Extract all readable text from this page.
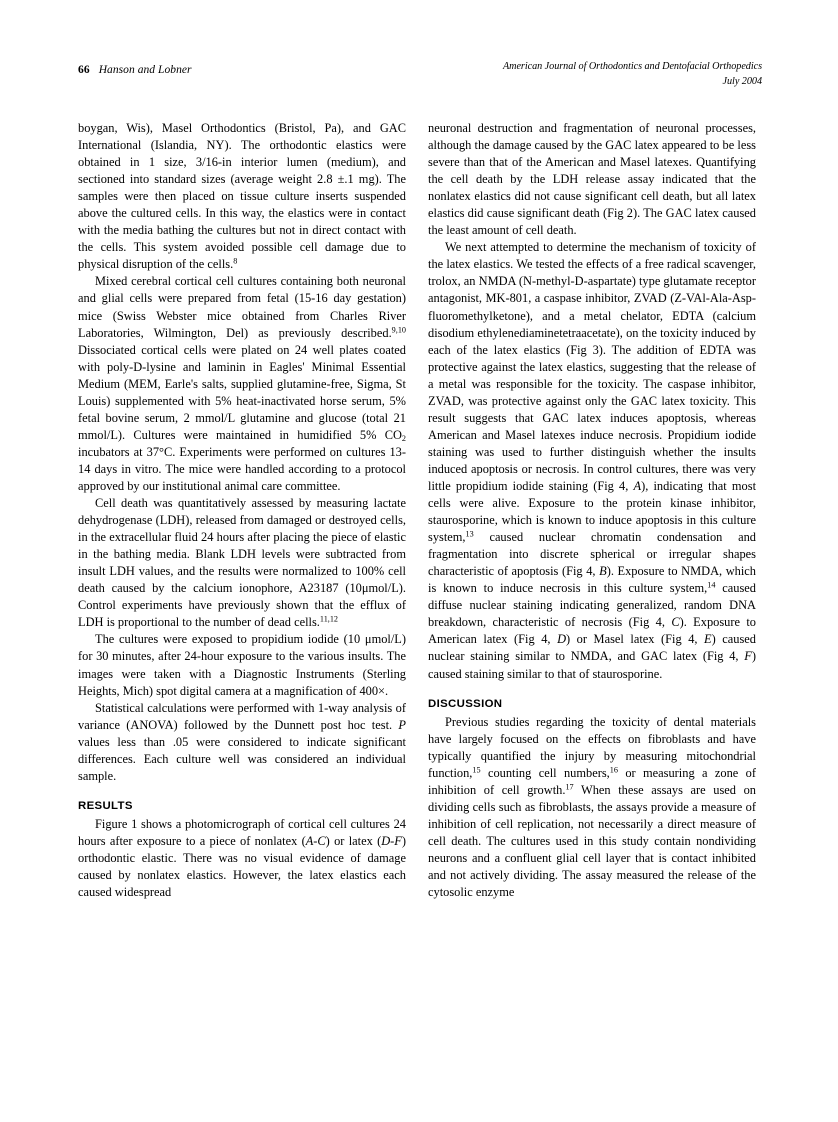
66 Hanson and Lobner	American Journal of Orthodontics and Dentofacial Orthopedics
July 2004

boygan, Wis), Masel Orthodontics (Bristol, Pa), and GAC International (Islandia, NY). The orthodontic elastics were obtained in 1 size, 3/16-in interior lumen (medium), and sectioned into standard sizes (average weight 2.8 ±.1 mg). The samples were then placed on tissue culture inserts suspended above the cultured cells. In this way, the elastics were in contact with the media bathing the cultures but not in direct contact with the cells. This system avoided possible cell damage due to physical disruption of the cells.$^8$

Mixed cerebral cortical cell cultures containing both neuronal and glial cells were prepared from fetal (15-16 day gestation) mice (Swiss Webster mice obtained from Charles River Laboratories, Wilmington, Del) as previously described.$^{9,10}$ Dissociated cortical cells were plated on 24 well plates coated with poly-D-lysine and laminin in Eagles' Minimal Essential Medium (MEM, Earle's salts, supplied glutamine-free, Sigma, St Louis) supplemented with 5% heat-inactivated horse serum, 5% fetal bovine serum, 2 mmol/L glutamine and glucose (total 21 mmol/L). Cultures were maintained in humidified 5% $CO_2$ incubators at 37°C. Experiments were performed on cultures 13-14 days in vitro. The mice were handled according to a protocol approved by our institutional animal care committee.

Cell death was quantitatively assessed by measuring lactate dehydrogenase (LDH), released from damaged or destroyed cells, in the extracellular fluid 24 hours after placing the piece of elastic in the bathing media. Blank LDH levels were subtracted from insult LDH values, and the results were normalized to 100% cell death caused by the calcium ionophore, A23187 (10μmol/L). Control experiments have previously shown that the efflux of LDH is proportional to the number of dead cells.$^{11,12}$

The cultures were exposed to propidium iodide (10 μmol/L) for 30 minutes, after 24-hour exposure to the various insults. The images were taken with a Diagnostic Instruments (Sterling Heights, Mich) spot digital camera at a magnification of 400×.

Statistical calculations were performed with 1-way analysis of variance (ANOVA) followed by the Dunnett post hoc test. P values less than .05 were considered to indicate significant differences. Each culture well was considered an individual sample.

RESULTS

Figure 1 shows a photomicrograph of cortical cell cultures 24 hours after exposure to a piece of nonlatex (A-C) or latex (D-F) orthodontic elastic. There was no visual evidence of damage caused by nonlatex elastics. However, the latex elastics each caused widespread

neuronal destruction and fragmentation of neuronal processes, although the damage caused by the GAC latex appeared to be less severe than that of the American and Masel latexes. Quantifying the cell death by the LDH release assay indicated that the nonlatex elastics did not cause significant cell death, but all latex elastics did cause significant death (Fig 2). The GAC latex caused the least amount of cell death.

We next attempted to determine the mechanism of toxicity of the latex elastics. We tested the effects of a free radical scavenger, trolox, an NMDA (N-methyl-D-aspartate) type glutamate receptor antagonist, MK-801, a caspase inhibitor, ZVAD (Z-VAl-Ala-Asp-fluoromethylketone), and a metal chelator, EDTA (calcium disodium ethylenediaminetetraacetate), on the toxicity induced by each of the latex elastics (Fig 3). The addition of EDTA was protective against the latex elastics, suggesting that the release of a metal was responsible for the toxicity. The caspase inhibitor, ZVAD, was protective against only the GAC latex toxicity. This result suggests that GAC latex induces apoptosis, whereas American and Masel latexes induce necrosis. Propidium iodide staining was used to further distinguish whether the insults induced apoptosis or necrosis. In control cultures, there was very little propidium iodide staining (Fig 4, A), indicating that most cells were alive. Exposure to the protein kinase inhibitor, staurosporine, which is known to induce apoptosis in this culture system,$^{13}$ caused nuclear chromatin condensation and fragmentation into discrete spherical or irregular shapes characteristic of apoptosis (Fig 4, B). Exposure to NMDA, which is known to induce necrosis in this culture system,$^{14}$ caused diffuse nuclear staining indicating generalized, random DNA breakdown, characteristic of necrosis (Fig 4, C). Exposure to American latex (Fig 4, D) or Masel latex (Fig 4, E) caused nuclear staining similar to NMDA, and GAC latex (Fig 4, F) caused staining similar to that of staurosporine.

DISCUSSION

Previous studies regarding the toxicity of dental materials have largely focused on the effects on fibroblasts and have typically quantified the injury by measuring mitochondrial function,$^{15}$ counting cell numbers,$^{16}$ or measuring a zone of inhibition of cell growth.$^{17}$ When these assays are used on dividing cells such as fibroblasts, the assays provide a measure of inhibition of cell replication, not necessarily a direct measure of cell death. The cultures used in this study contain nondividing neurons and a confluent glial cell layer that is contact inhibited and not actively dividing. The assay measured the release of the cytosolic enzyme
